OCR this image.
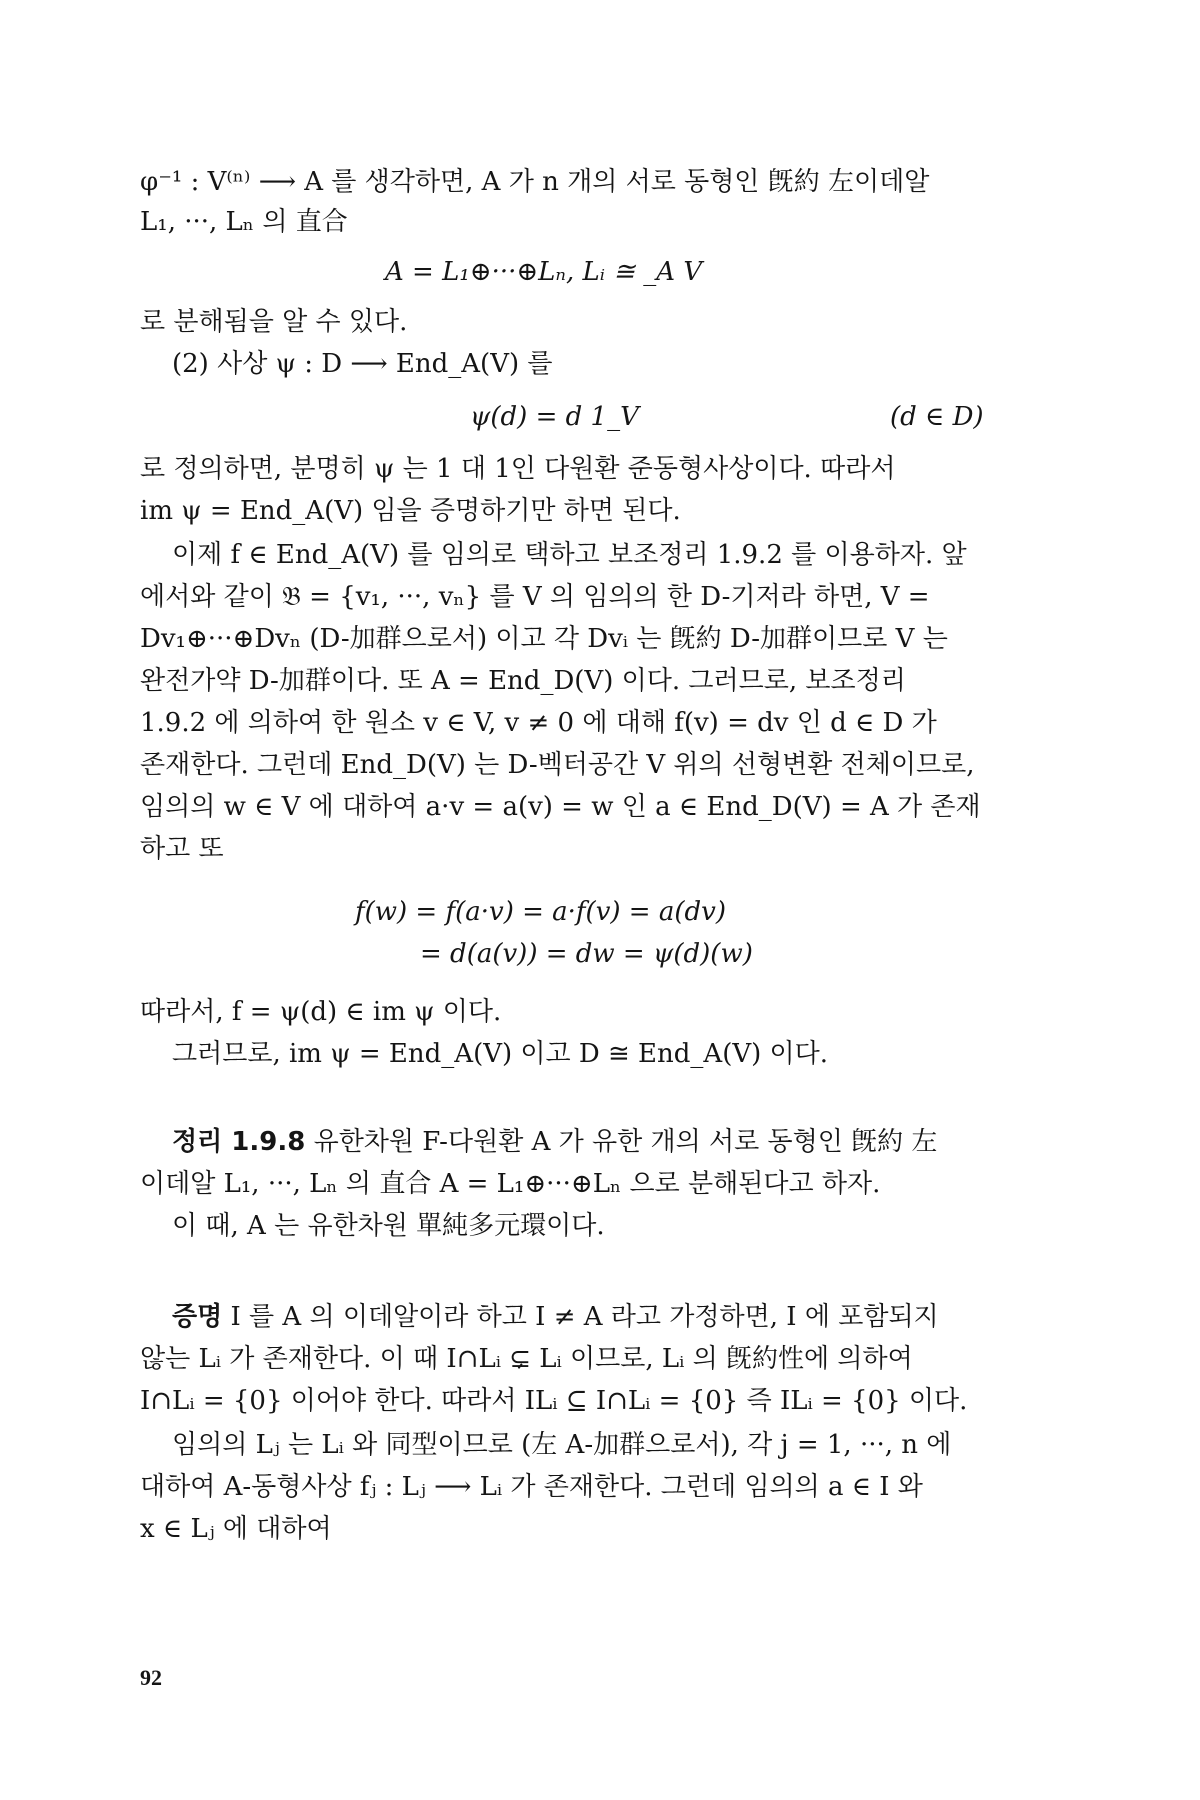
φ⁻¹ : V⁽ⁿ⁾ ⟶ A 를 생각하면, A 가 n 개의 서로 동형인 旣約 左이데알
L₁, ···, Lₙ 의 直合
A = L₁⊕···⊕Lₙ, Lᵢ ≅ _A V
로 분해됨을 알 수 있다.
(2) 사상 ψ : D ⟶ End_A(V) 를
ψ(d) = d 1_V	(d ∈ D)
로 정의하면, 분명히 ψ 는 1 대 1인 다원환 준동형사상이다. 따라서
im ψ = End_A(V) 임을 증명하기만 하면 된다.
이제 f ∈ End_A(V) 를 임의로 택하고 보조정리 1.9.2 를 이용하자. 앞
에서와 같이 𝔅 = {v₁, ···, vₙ} 를 V 의 임의의 한 D-기저라 하면, V =
Dv₁⊕···⊕Dvₙ (D-加群으로서) 이고 각 Dvᵢ 는 旣約 D-加群이므로 V 는
완전가약 D-加群이다. 또 A = End_D(V) 이다. 그러므로, 보조정리
1.9.2 에 의하여 한 원소 v ∈ V, v ≠ 0 에 대해 f(v) = dv 인 d ∈ D 가
존재한다. 그런데 End_D(V) 는 D-벡터공간 V 위의 선형변환 전체이므로,
임의의 w ∈ V 에 대하여 a·v = a(v) = w 인 a ∈ End_D(V) = A 가 존재
하고 또
f(w) = f(a·v) = a·f(v) = a(dv)
= d(a(v)) = dw = ψ(d)(w)
따라서, f = ψ(d) ∈ im ψ 이다.
그러므로, im ψ = End_A(V) 이고 D ≅ End_A(V) 이다.
정리 1.9.8 유한차원 F-다원환 A 가 유한 개의 서로 동형인 旣約 左
이데알 L₁, ···, Lₙ 의 直合 A = L₁⊕···⊕Lₙ 으로 분해된다고 하자.
이 때, A 는 유한차원 單純多元環이다.
증명 I 를 A 의 이데알이라 하고 I ≠ A 라고 가정하면, I 에 포함되지
않는 Lᵢ 가 존재한다. 이 때 I∩Lᵢ ⊊ Lᵢ 이므로, Lᵢ 의 旣約性에 의하여
I∩Lᵢ = {0} 이어야 한다. 따라서 ILᵢ ⊆ I∩Lᵢ = {0} 즉 ILᵢ = {0} 이다.
임의의 Lⱼ 는 Lᵢ 와 同型이므로 (左 A-加群으로서), 각 j = 1, ···, n 에
대하여 A-동형사상 fⱼ : Lⱼ ⟶ Lᵢ 가 존재한다. 그런데 임의의 a ∈ I 와
x ∈ Lⱼ 에 대하여
92
